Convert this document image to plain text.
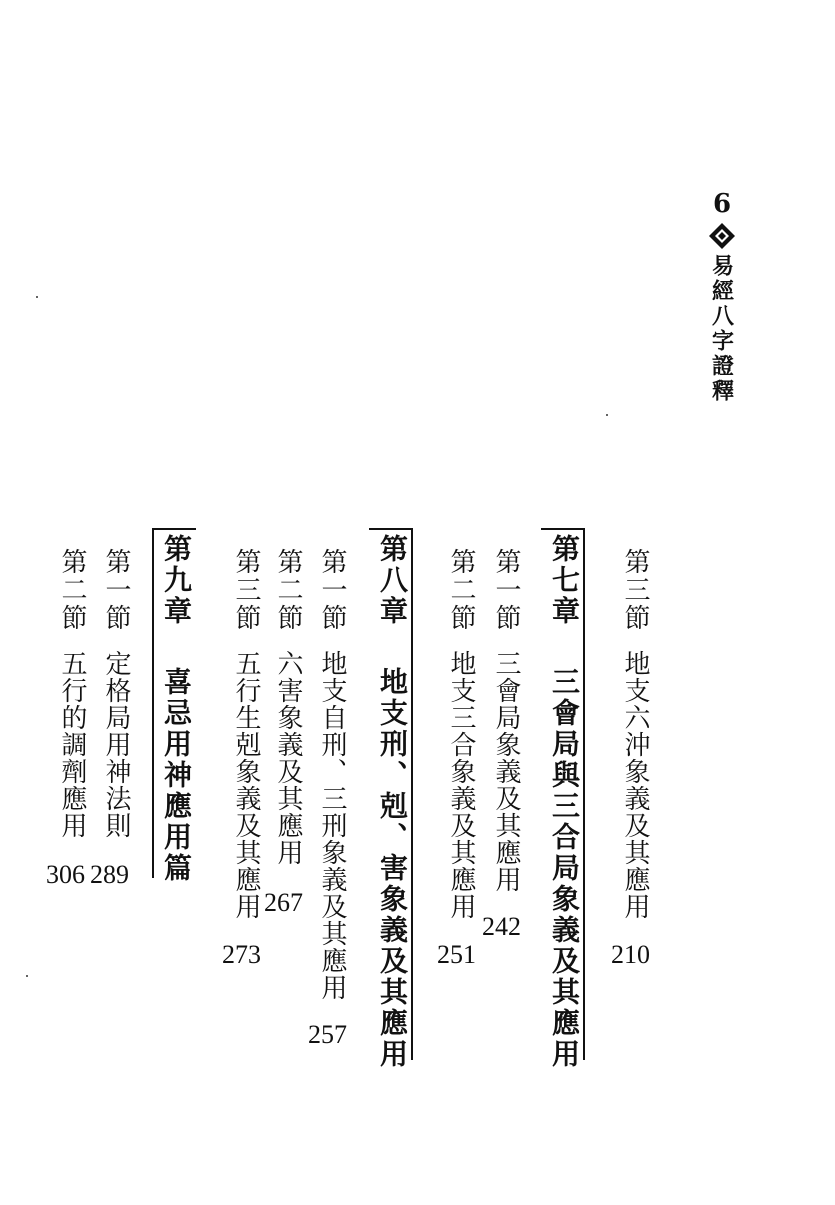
6
易經八字證釋
第三節地支六沖象義及其應用
210
第七章三會局與三合局象義及其應用
第一節三會局象義及其應用
242
第二節地支三合象義及其應用
251
第八章地支刑、剋、害象義及其應用
第一節地支自刑、三刑象義及其應用
257
第二節六害象義及其應用
267
第三節五行生剋象義及其應用
273
第九章喜忌用神應用篇
第一節定格局用神法則
289
第二節五行的調劑應用
306
